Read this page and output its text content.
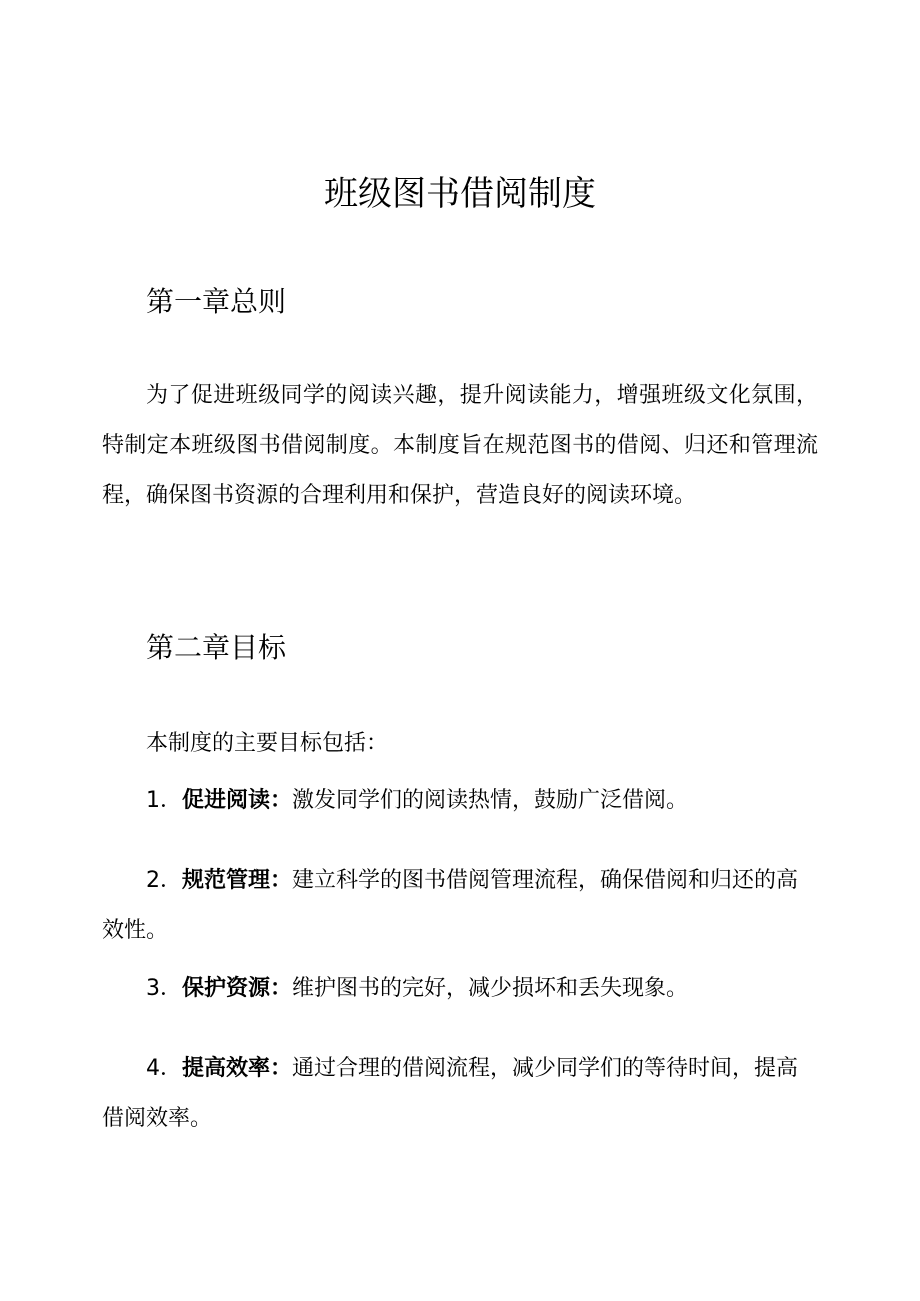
班级图书借阅制度
第一章总则

为了促进班级同学的阅读兴趣，提升阅读能力，增强班级文化氛围，特制定本班级图书借阅制度。本制度旨在规范图书的借阅、归还和管理流程，确保图书资源的合理利用和保护，营造良好的阅读环境。

第二章目标

本制度的主要目标包括：

1．促进阅读：激发同学们的阅读热情，鼓励广泛借阅。

2．规范管理：建立科学的图书借阅管理流程，确保借阅和归还的高效性。

3．保护资源：维护图书的完好，减少损坏和丢失现象。

4．提高效率：通过合理的借阅流程，减少同学们的等待时间，提高借阅效率。
